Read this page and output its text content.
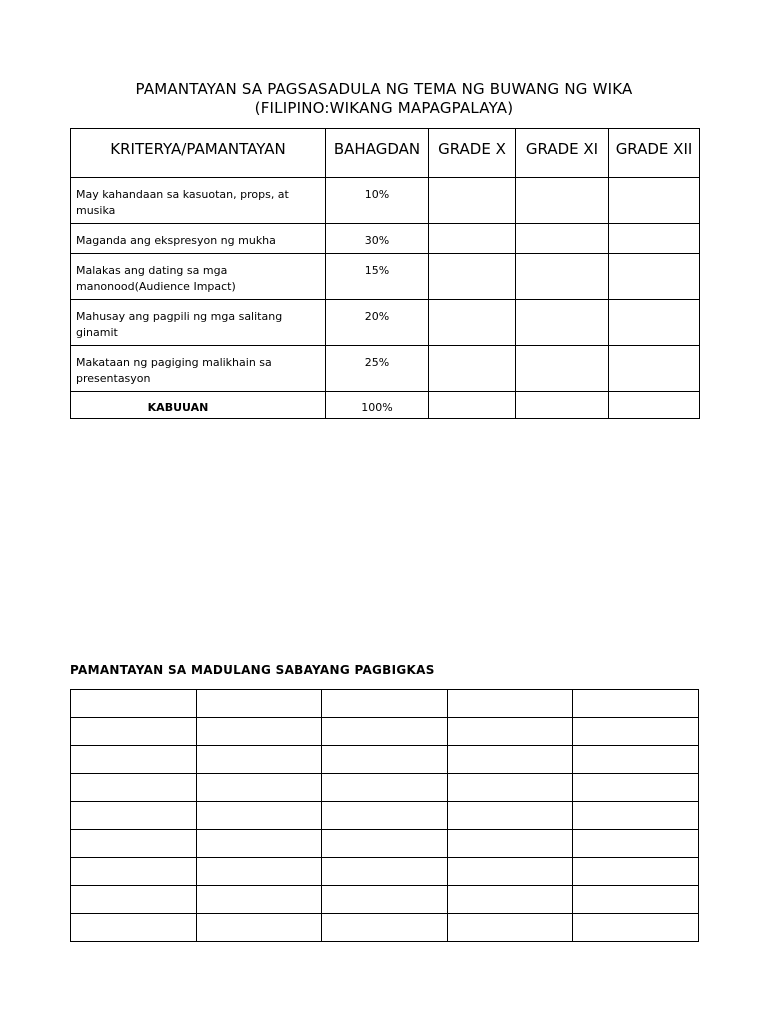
PAMANTAYAN SA PAGSASADULA NG TEMA NG BUWANG NG WIKA
(FILIPINO:WIKANG MAPAGPALAYA)
KRITERYA/PAMANTAYAN	BAHAGDAN	GRADE X	GRADE XI	GRADE XII
May kahandaan sa kasuotan, props, at musika	10%			
Maganda ang ekspresyon ng mukha	30%			
Malakas ang dating sa mga manonood(Audience Impact)	15%			
Mahusay ang pagpili ng mga salitang ginamit	20%			
Makataan ng pagiging malikhain sa presentasyon	25%			
KABUUAN	100%			
PAMANTAYAN SA MADULANG SABAYANG PAGBIGKAS
